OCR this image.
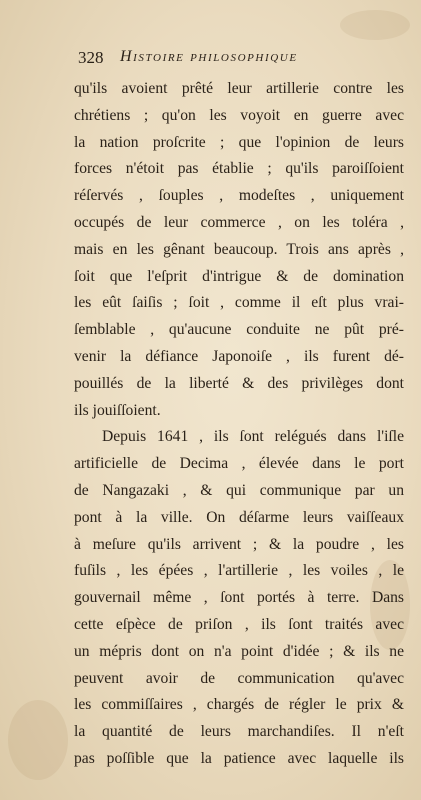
328 Histoire philosophique
qu'ils avoient prêté leur artillerie contre les
chrétiens ; qu'on les voyoit en guerre avec
la nation proſcrite ; que l'opinion de leurs
forces n'étoit pas établie ; qu'ils paroiſſoient
réſervés , ſouples , modeſtes , uniquement
occupés de leur commerce , on les toléra ,
mais en les gênant beaucoup. Trois ans après ,
ſoit que l'eſprit d'intrigue & de domination
les eût ſaiſis ; ſoit , comme il eſt plus vrai-
ſemblable , qu'aucune conduite ne pût pré-
venir la défiance Japonoiſe , ils furent dé-
pouillés de la liberté & des privilèges dont
ils jouiſſoient.
Depuis 1641 , ils ſont relégués dans l'iſle
artificielle de Decima , élevée dans le port
de Nangazaki , & qui communique par un
pont à la ville. On déſarme leurs vaiſſeaux
à meſure qu'ils arrivent ; & la poudre , les
fuſils , les épées , l'artillerie , les voiles , le
gouvernail même , ſont portés à terre. Dans
cette eſpèce de priſon , ils ſont traités avec
un mépris dont on n'a point d'idée ; & ils ne
peuvent avoir de communication qu'avec
les commiſſaires , chargés de régler le prix &
la quantité de leurs marchandiſes. Il n'eſt
pas poſſible que la patience avec laquelle ils
